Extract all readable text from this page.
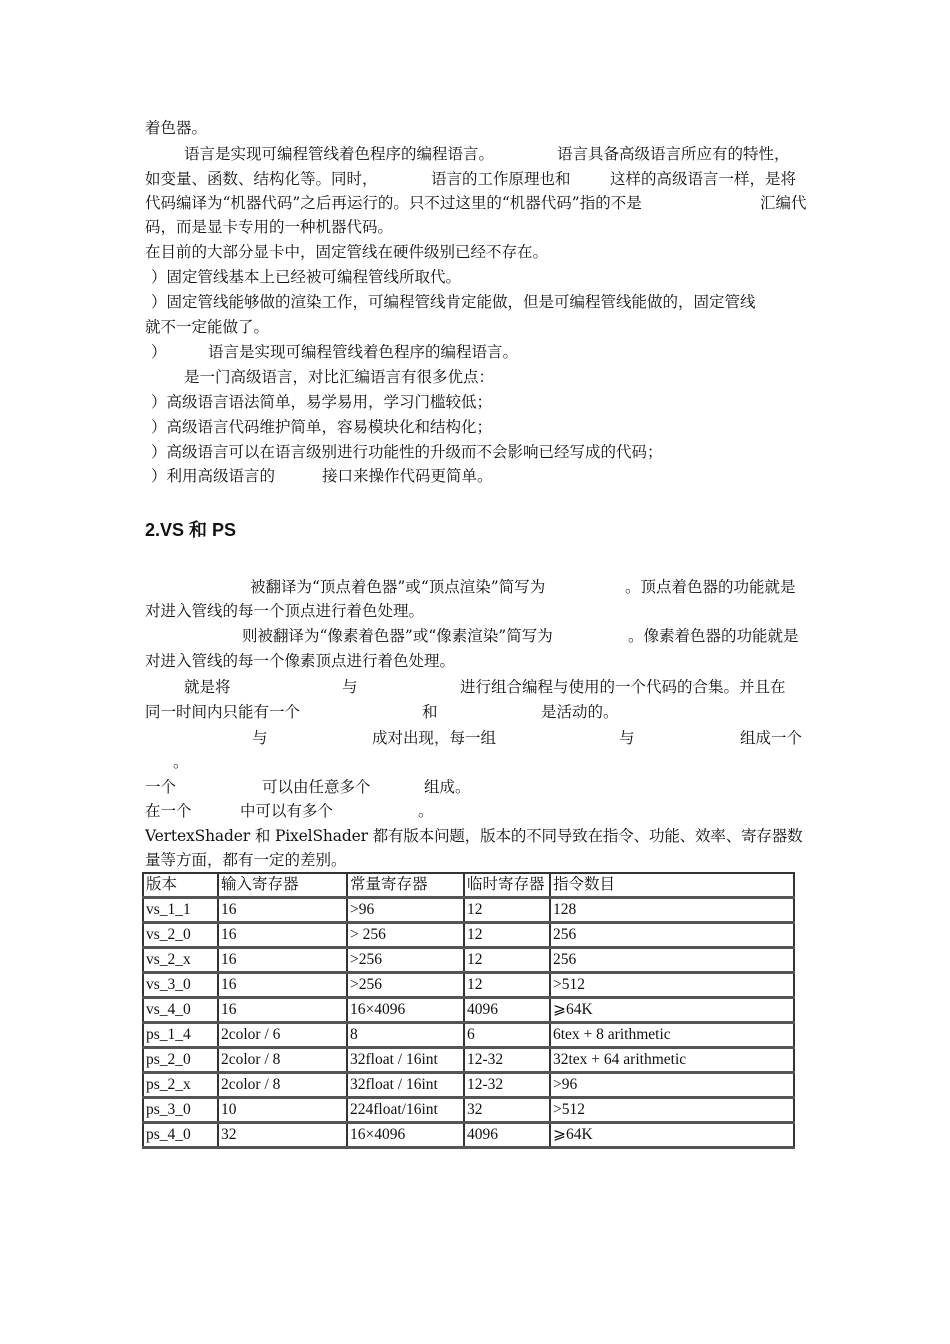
着色器。
语言是实现可编程管线着色程序的编程语言。	语言具备高级语言所应有的特性，
如变量、函数、结构化等。同时，	语言的工作原理也和	这样的高级语言一样，是将
代码编译为“机器代码”之后再运行的。只不过这里的“机器代码”指的不是	汇编代
码，而是显卡专用的一种机器代码。
在目前的大部分显卡中，固定管线在硬件级别已经不存在。
）固定管线基本上已经被可编程管线所取代。
）固定管线能够做的渲染工作，可编程管线肯定能做，但是可编程管线能做的，固定管线
就不一定能做了。
）	语言是实现可编程管线着色程序的编程语言。
是一门高级语言，对比汇编语言有很多优点：
）高级语言语法简单，易学易用，学习门槛较低；
）高级语言代码维护简单，容易模块化和结构化；
）高级语言可以在语言级别进行功能性的升级而不会影响已经写成的代码；
）利用高级语言的	接口来操作代码更简单。
2.VS 和 PS
被翻译为“顶点着色器”或“顶点渲染”简写为	。顶点着色器的功能就是
对进入管线的每一个顶点进行着色处理。
则被翻译为“像素着色器”或“像素渲染”简写为	。像素着色器的功能就是
对进入管线的每一个像素顶点进行着色处理。
就是将	与	进行组合编程与使用的一个代码的合集。并且在
同一时间内只能有一个	和	是活动的。
与	成对出现，每一组	与	组成一个
。
一个	可以由任意多个	组成。
在一个	中可以有多个	。
VertexShader 和 PixelShader 都有版本问题，版本的不同导致在指令、功能、效率、寄存器数
量等方面，都有一定的差别。
版本	输入寄存器	常量寄存器	临时寄存器	指令数目
vs_1_1	16	>96	12	128
vs_2_0	16	> 256	12	256
vs_2_x	16	>256	12	256
vs_3_0	16	>256	12	>512
vs_4_0	16	16×4096	4096	⩾64K
ps_1_4	2color / 6	8	6	6tex + 8 arithmetic
ps_2_0	2color / 8	32float / 16int	12-32	32tex + 64 arithmetic
ps_2_x	2color / 8	32float / 16int	12-32	>96
ps_3_0	10	224float/16int	32	>512
ps_4_0	32	16×4096	4096	⩾64K
